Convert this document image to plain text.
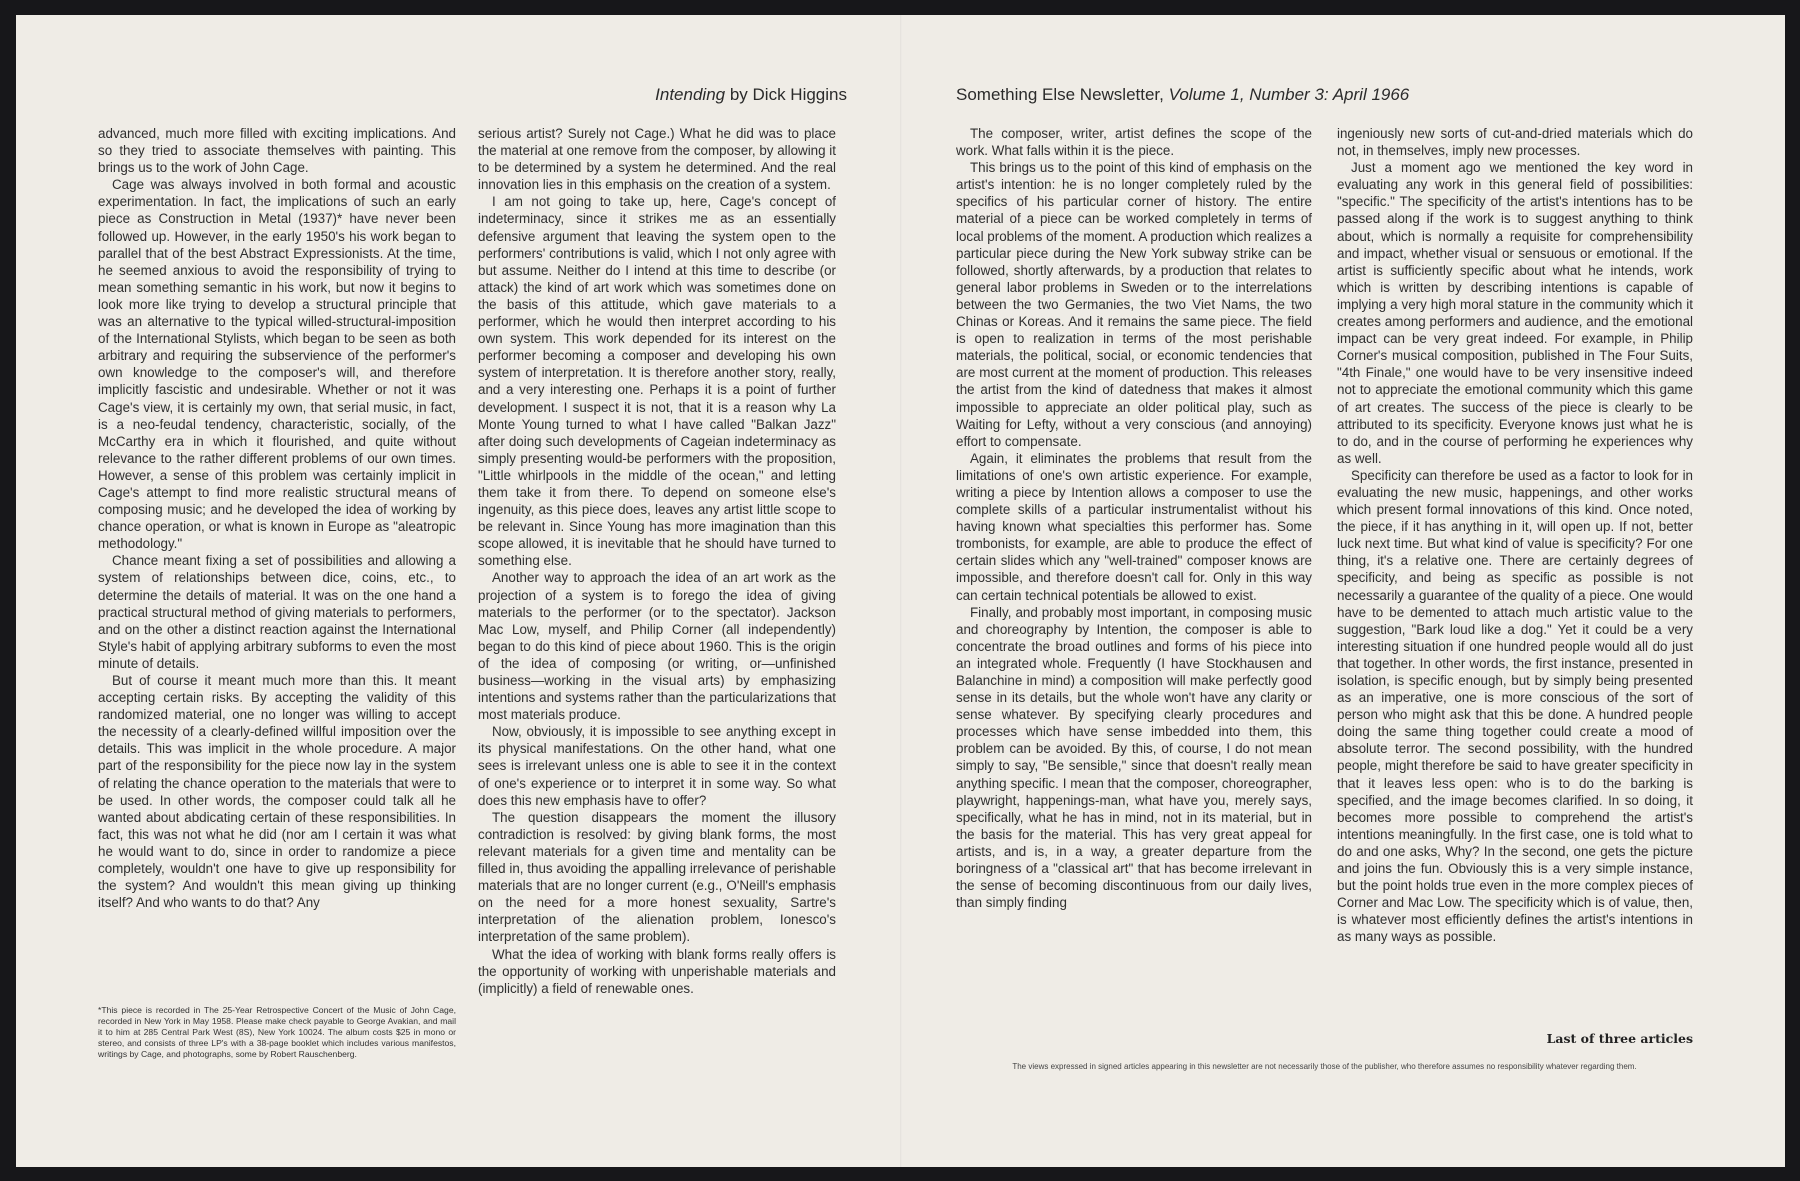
Intending by Dick Higgins	Something Else Newsletter, Volume 1, Number 3: April 1966

advanced, much more filled with exciting implications. And so they tried to associate themselves with painting. This brings us to the work of John Cage.

Cage was always involved in both formal and acoustic experimentation. In fact, the implications of such an early piece as Construction in Metal (1937)* have never been followed up. However, in the early 1950's his work began to parallel that of the best Abstract Expressionists. At the time, he seemed anxious to avoid the responsibility of trying to mean something semantic in his work, but now it begins to look more like trying to develop a structural principle that was an alternative to the typical willed-structural-imposition of the International Stylists, which began to be seen as both arbitrary and requiring the subservience of the performer's own knowledge to the composer's will, and therefore implicitly fascistic and undesirable. Whether or not it was Cage's view, it is certainly my own, that serial music, in fact, is a neo-feudal tendency, characteristic, socially, of the McCarthy era in which it flourished, and quite without relevance to the rather different problems of our own times. However, a sense of this problem was certainly implicit in Cage's attempt to find more realistic structural means of composing music; and he developed the idea of working by chance operation, or what is known in Europe as "aleatropic methodology."

Chance meant fixing a set of possibilities and allowing a system of relationships between dice, coins, etc., to determine the details of material. It was on the one hand a practical structural method of giving materials to performers, and on the other a distinct reaction against the International Style's habit of applying arbitrary subforms to even the most minute of details.

But of course it meant much more than this. It meant accepting certain risks. By accepting the validity of this randomized material, one no longer was willing to accept the necessity of a clearly-defined willful imposition over the details. This was implicit in the whole procedure. A major part of the responsibility for the piece now lay in the system of relating the chance operation to the materials that were to be used. In other words, the composer could talk all he wanted about abdicating certain of these responsibilities. In fact, this was not what he did (nor am I certain it was what he would want to do, since in order to randomize a piece completely, wouldn't one have to give up responsibility for the system? And wouldn't this mean giving up thinking itself? And who wants to do that? Any

*This piece is recorded in The 25-Year Retrospective Concert of the Music of John Cage, recorded in New York in May 1958. Please make check payable to George Avakian, and mail it to him at 285 Central Park West (8S), New York 10024. The album costs $25 in mono or stereo, and consists of three LP's with a 38-page booklet which includes various manifestos, writings by Cage, and photographs, some by Robert Rauschenberg.

serious artist? Surely not Cage.) What he did was to place the material at one remove from the composer, by allowing it to be determined by a system he determined. And the real innovation lies in this emphasis on the creation of a system.

I am not going to take up, here, Cage's concept of indeterminacy, since it strikes me as an essentially defensive argument that leaving the system open to the performers' contributions is valid, which I not only agree with but assume. Neither do I intend at this time to describe (or attack) the kind of art work which was sometimes done on the basis of this attitude, which gave materials to a performer, which he would then interpret according to his own system. This work depended for its interest on the performer becoming a composer and developing his own system of interpretation. It is therefore another story, really, and a very interesting one. Perhaps it is a point of further development. I suspect it is not, that it is a reason why La Monte Young turned to what I have called "Balkan Jazz" after doing such developments of Cageian indeterminacy as simply presenting would-be performers with the proposition, "Little whirlpools in the middle of the ocean," and letting them take it from there. To depend on someone else's ingenuity, as this piece does, leaves any artist little scope to be relevant in. Since Young has more imagination than this scope allowed, it is inevitable that he should have turned to something else.

Another way to approach the idea of an art work as the projection of a system is to forego the idea of giving materials to the performer (or to the spectator). Jackson Mac Low, myself, and Philip Corner (all independently) began to do this kind of piece about 1960. This is the origin of the idea of composing (or writing, or—unfinished business—working in the visual arts) by emphasizing intentions and systems rather than the particularizations that most materials produce.

Now, obviously, it is impossible to see anything except in its physical manifestations. On the other hand, what one sees is irrelevant unless one is able to see it in the context of one's experience or to interpret it in some way. So what does this new emphasis have to offer?

The question disappears the moment the illusory contradiction is resolved: by giving blank forms, the most relevant materials for a given time and mentality can be filled in, thus avoiding the appalling irrelevance of perishable materials that are no longer current (e.g., O'Neill's emphasis on the need for a more honest sexuality, Sartre's interpretation of the alienation problem, Ionesco's interpretation of the same problem).

What the idea of working with blank forms really offers is the opportunity of working with unperishable materials and (implicitly) a field of renewable ones.

The composer, writer, artist defines the scope of the work. What falls within it is the piece.

This brings us to the point of this kind of emphasis on the artist's intention: he is no longer completely ruled by the specifics of his particular corner of history. The entire material of a piece can be worked completely in terms of local problems of the moment. A production which realizes a particular piece during the New York subway strike can be followed, shortly afterwards, by a production that relates to general labor problems in Sweden or to the interrelations between the two Germanies, the two Viet Nams, the two Chinas or Koreas. And it remains the same piece. The field is open to realization in terms of the most perishable materials, the political, social, or economic tendencies that are most current at the moment of production. This releases the artist from the kind of datedness that makes it almost impossible to appreciate an older political play, such as Waiting for Lefty, without a very conscious (and annoying) effort to compensate.

Again, it eliminates the problems that result from the limitations of one's own artistic experience. For example, writing a piece by Intention allows a composer to use the complete skills of a particular instrumentalist without his having known what specialties this performer has. Some trombonists, for example, are able to produce the effect of certain slides which any "well-trained" composer knows are impossible, and therefore doesn't call for. Only in this way can certain technical potentials be allowed to exist.

Finally, and probably most important, in composing music and choreography by Intention, the composer is able to concentrate the broad outlines and forms of his piece into an integrated whole. Frequently (I have Stockhausen and Balanchine in mind) a composition will make perfectly good sense in its details, but the whole won't have any clarity or sense whatever. By specifying clearly procedures and processes which have sense imbedded into them, this problem can be avoided. By this, of course, I do not mean simply to say, "Be sensible," since that doesn't really mean anything specific. I mean that the composer, choreographer, playwright, happenings-man, what have you, merely says, specifically, what he has in mind, not in its material, but in the basis for the material. This has very great appeal for artists, and is, in a way, a greater departure from the boringness of a "classical art" that has become irrelevant in the sense of becoming discontinuous from our daily lives, than simply finding

ingeniously new sorts of cut-and-dried materials which do not, in themselves, imply new processes.

Just a moment ago we mentioned the key word in evaluating any work in this general field of possibilities: "specific." The specificity of the artist's intentions has to be passed along if the work is to suggest anything to think about, which is normally a requisite for comprehensibility and impact, whether visual or sensuous or emotional. If the artist is sufficiently specific about what he intends, work which is written by describing intentions is capable of implying a very high moral stature in the community which it creates among performers and audience, and the emotional impact can be very great indeed. For example, in Philip Corner's musical composition, published in The Four Suits, "4th Finale," one would have to be very insensitive indeed not to appreciate the emotional community which this game of art creates. The success of the piece is clearly to be attributed to its specificity. Everyone knows just what he is to do, and in the course of performing he experiences why as well.

Specificity can therefore be used as a factor to look for in evaluating the new music, happenings, and other works which present formal innovations of this kind. Once noted, the piece, if it has anything in it, will open up. If not, better luck next time. But what kind of value is specificity? For one thing, it's a relative one. There are certainly degrees of specificity, and being as specific as possible is not necessarily a guarantee of the quality of a piece. One would have to be demented to attach much artistic value to the suggestion, "Bark loud like a dog." Yet it could be a very interesting situation if one hundred people would all do just that together. In other words, the first instance, presented in isolation, is specific enough, but by simply being presented as an imperative, one is more conscious of the sort of person who might ask that this be done. A hundred people doing the same thing together could create a mood of absolute terror. The second possibility, with the hundred people, might therefore be said to have greater specificity in that it leaves less open: who is to do the barking is specified, and the image becomes clarified. In so doing, it becomes more possible to comprehend the artist's intentions meaningfully. In the first case, one is told what to do and one asks, Why? In the second, one gets the picture and joins the fun. Obviously this is a very simple instance, but the point holds true even in the more complex pieces of Corner and Mac Low. The specificity which is of value, then, is whatever most efficiently defines the artist's intentions in as many ways as possible.

Last of three articles
The views expressed in signed articles appearing in this newsletter are not necessarily those of the publisher, who therefore assumes no responsibility whatever regarding them.
